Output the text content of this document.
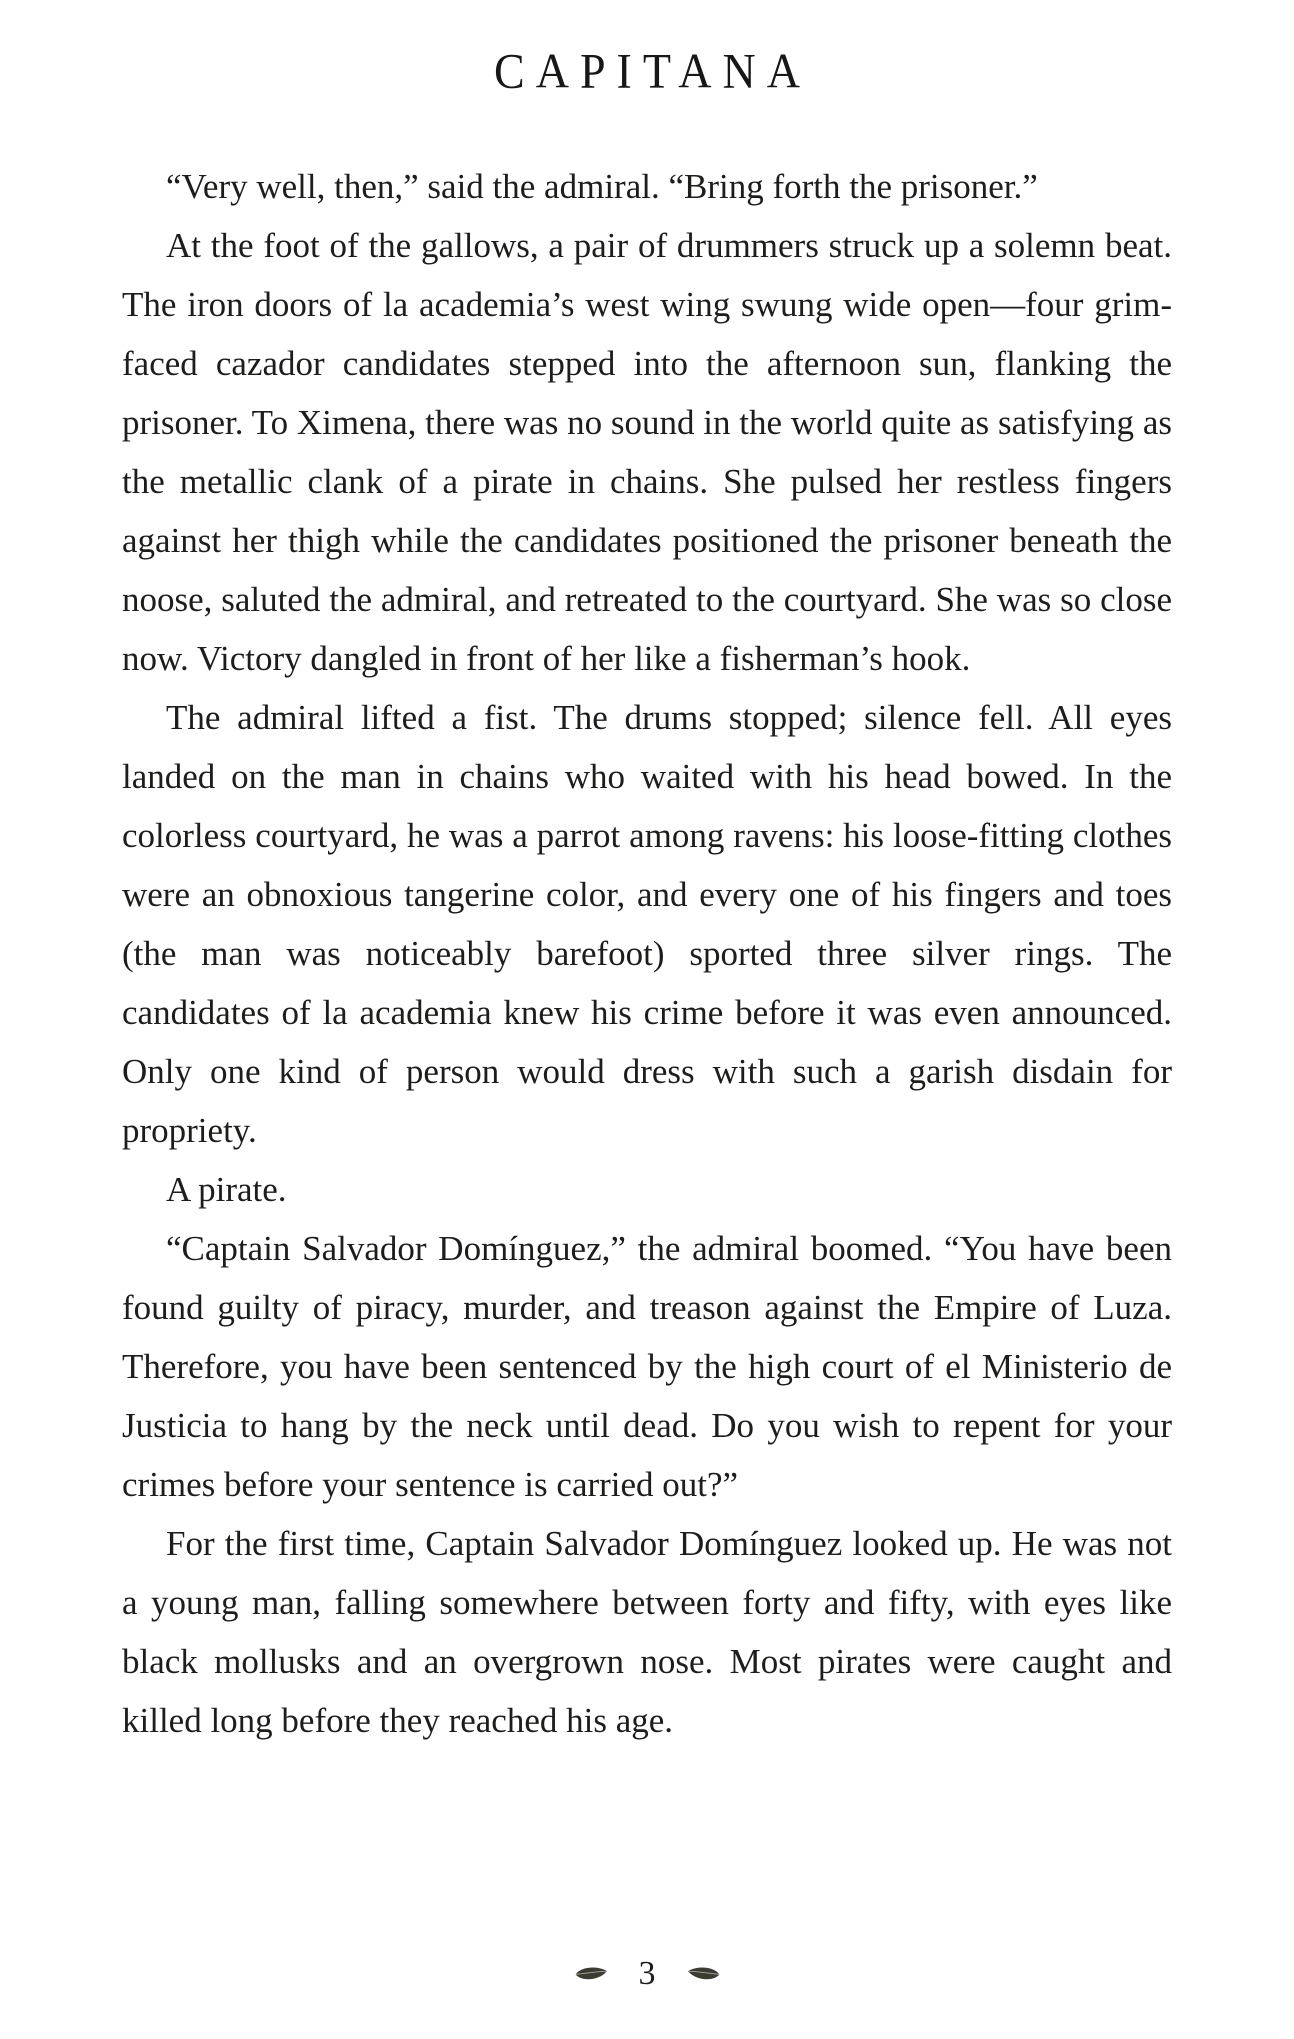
CAPITANA

“Very well, then,” said the admiral. “Bring forth the prisoner.”

At the foot of the gallows, a pair of drummers struck up a solemn beat. The iron doors of la academia’s west wing swung wide open—four grim-faced cazador candidates stepped into the afternoon sun, flanking the prisoner. To Ximena, there was no sound in the world quite as satisfying as the metallic clank of a pirate in chains. She pulsed her restless fingers against her thigh while the candidates positioned the prisoner beneath the noose, saluted the admiral, and retreated to the courtyard. She was so close now. Victory dangled in front of her like a fisherman’s hook.

The admiral lifted a fist. The drums stopped; silence fell. All eyes landed on the man in chains who waited with his head bowed. In the colorless courtyard, he was a parrot among ravens: his loose-fitting clothes were an obnoxious tangerine color, and every one of his fingers and toes (the man was noticeably barefoot) sported three silver rings. The candidates of la academia knew his crime before it was even announced. Only one kind of person would dress with such a garish disdain for propriety.

A pirate.

“Captain Salvador Domínguez,” the admiral boomed. “You have been found guilty of piracy, murder, and treason against the Empire of Luza. Therefore, you have been sentenced by the high court of el Ministerio de Justicia to hang by the neck until dead. Do you wish to repent for your crimes before your sentence is carried out?”

For the first time, Captain Salvador Domínguez looked up. He was not a young man, falling somewhere between forty and fifty, with eyes like black mollusks and an overgrown nose. Most pirates were caught and killed long before they reached his age.

3
